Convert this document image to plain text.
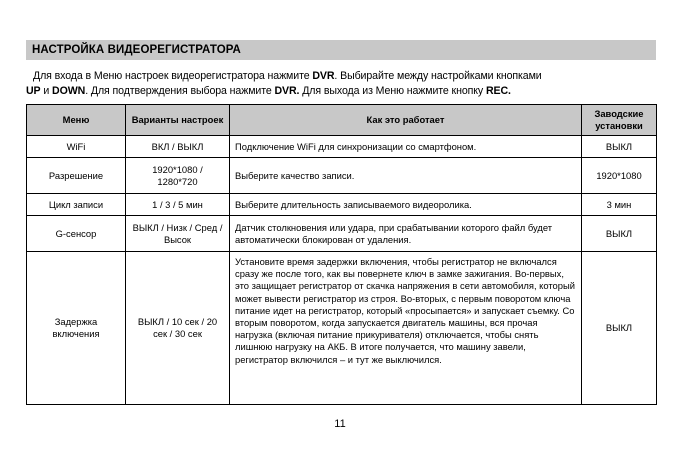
НАСТРОЙКА ВИДЕОРЕГИСТРАТОРА
Для входа в Меню настроек видеорегистратора нажмите DVR. Выбирайте между настройками кнопками
UP и DOWN. Для подтверждения выбора нажмите DVR. Для выхода из Меню нажмите кнопку REC.
Меню	Варианты настроек	Как это работает	Заводские установки
WiFi	ВКЛ / ВЫКЛ	Подключение WiFi для синхронизации со смартфоном.	ВЫКЛ
Разрешение	1920*1080 / 1280*720	Выберите качество записи.	1920*1080
Цикл записи	1 / 3 / 5 мин	Выберите длительность записываемого видеоролика.	3 мин
G-сенсор	ВЫКЛ / Низк / Сред / Высок	Датчик столкновения или удара, при срабатывании которого файл будет автоматически блокирован от удаления.	ВЫКЛ
Задержка включения	ВЫКЛ / 10 сек / 20 сек / 30 сек	Установите время задержки включения, чтобы регистратор не включался сразу же после того, как вы повернете ключ в замке зажигания. Во-первых, это защищает регистратор от скачка напряжения в сети автомобиля, который может вывести регистратор из строя. Во-вторых, с первым поворотом ключа питание идет на регистратор, который «просыпается» и запускает съемку. Со вторым поворотом, когда запускается двигатель машины, вся прочая нагрузка (включая питание прикуривателя) отключается, чтобы снять лишнюю нагрузку на АКБ. В итоге получается, что машину завели, регистратор включился – и тут же выключился.	ВЫКЛ
11
